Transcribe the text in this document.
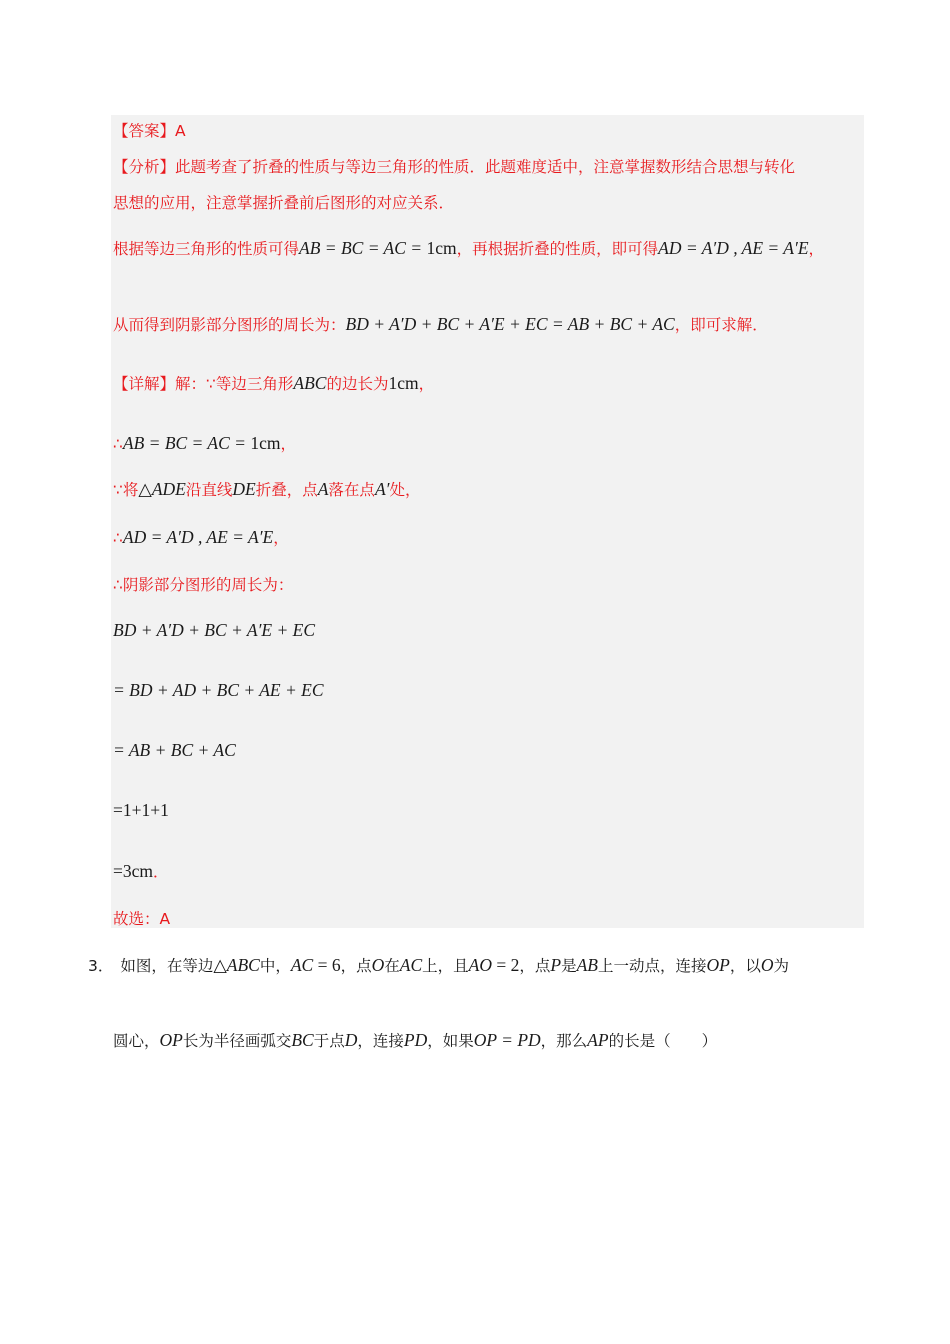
【答案】A
【分析】此题考查了折叠的性质与等边三角形的性质．此题难度适中，注意掌握数形结合思想与转化
思想的应用，注意掌握折叠前后图形的对应关系．
根据等边三角形的性质可得AB = BC = AC = 1cm，再根据折叠的性质，即可得AD = A′D , AE = A′E，
从而得到阴影部分图形的周长为：BD + A′D + BC + A′E + EC = AB + BC + AC，即可求解．
【详解】解：∵等边三角形ABC的边长为1cm，
∴AB = BC = AC = 1cm，
∵将△ADE沿直线DE折叠，点A落在点A′处，
∴AD = A′D , AE = A′E，
∴阴影部分图形的周长为：
BD + A′D + BC + A′E + EC
= BD + AD + BC + AE + EC
= AB + BC + AC
=1+1+1
=3cm．
故选：A
3． 如图，在等边△ABC中，AC = 6，点O在AC上，且AO = 2，点P是AB上一动点，连接OP，以O为
圆心，OP长为半径画弧交BC于点D，连接PD，如果OP = PD，那么AP的长是（　　）
